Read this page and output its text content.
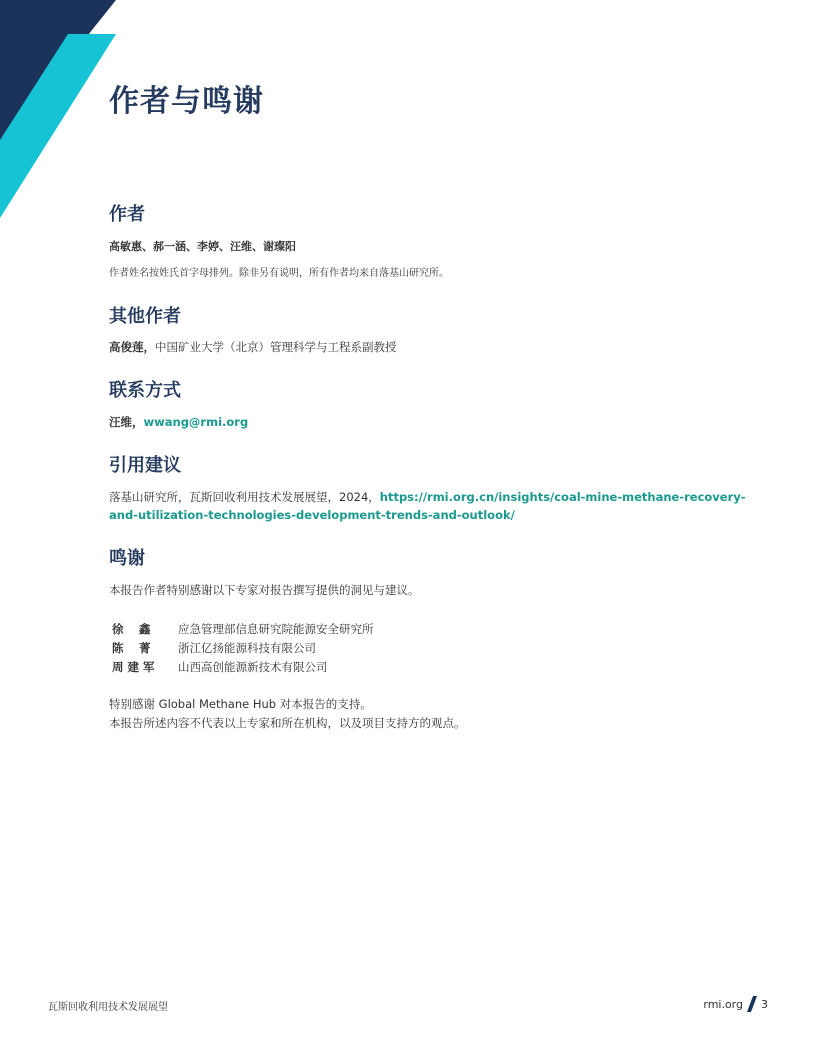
作者与鸣谢
作者

高敏惠、郝一涵、李婷、汪维、谢璨阳

作者姓名按姓氏首字母排列。除非另有说明，所有作者均来自落基山研究所。

其他作者

高俊莲，中国矿业大学（北京）管理科学与工程系副教授

联系方式

汪维，wwang@rmi.org

引用建议

落基山研究所，瓦斯回收利用技术发展展望，2024，https://rmi.org.cn/insights/coal-mine-methane-recovery-

and-utilization-technologies-development-trends-and-outlook/

鸣谢

本报告作者特别感谢以下专家对报告撰写提供的洞见与建议。

徐　 鑫	应急管理部信息研究院能源安全研究所
陈　 菁	浙江亿扬能源科技有限公司
周 建 军	山西高创能源新技术有限公司

特别感谢 Global Methane Hub 对本报告的支持。

本报告所述内容不代表以上专家和所在机构，以及项目支持方的观点。

瓦斯回收利用技术发展展望	rmi.org 3
